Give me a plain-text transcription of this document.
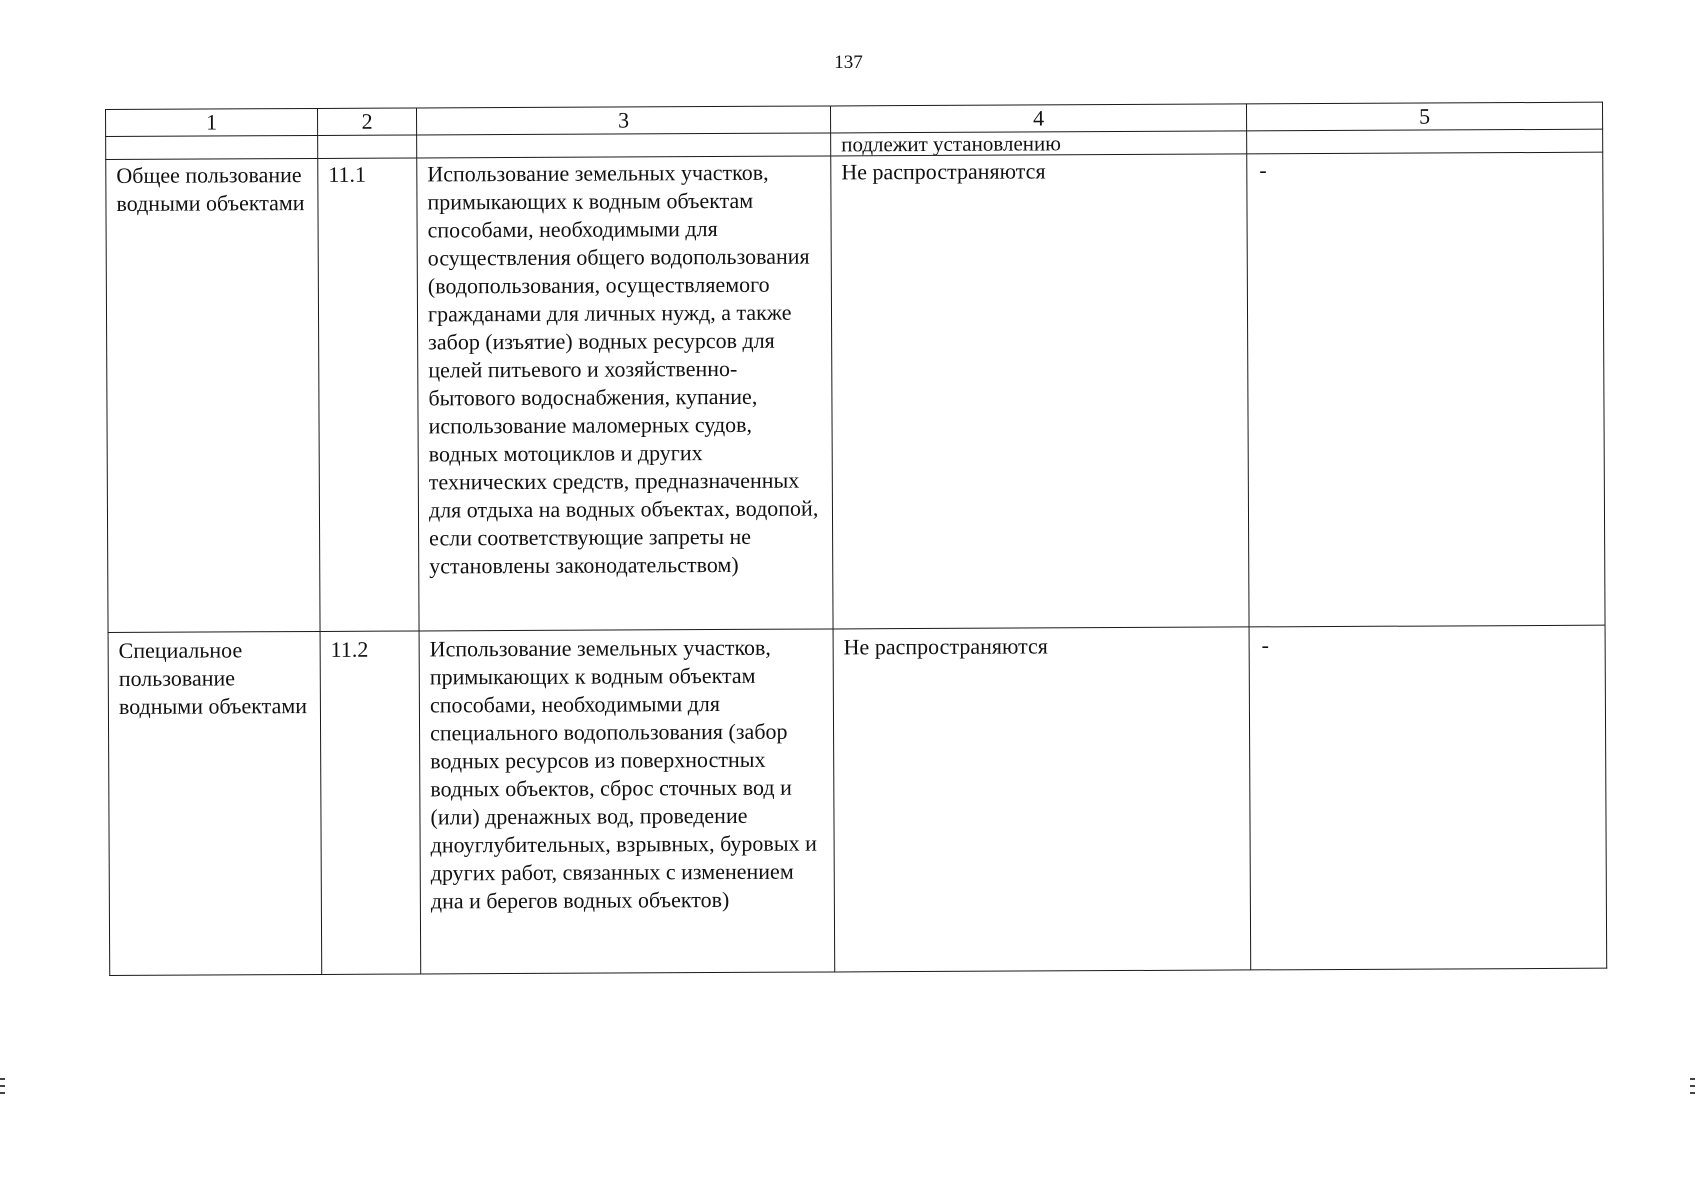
137
1	2	3	4	5
			подлежит установлению	
Общее пользование водными объектами	11.1	Использование земельных участков, примыкающих к водным объектам способами, необходимыми для осуществления общего водопользования (водопользования, осуществляемого гражданами для личных нужд, а также забор (изъятие) водных ресурсов для целей питьевого и хозяйственно-бытового водоснабжения, купание, использование маломерных судов, водных мотоциклов и других технических средств, предназначенных для отдыха на водных объектах, водопой, если соответствующие запреты не установлены законодательством)	Не распространяются	-
Специальное пользование водными объектами	11.2	Использование земельных участков, примыкающих к водным объектам способами, необходимыми для специального водопользования (забор водных ресурсов из поверхностных водных объектов, сброс сточных вод и (или) дренажных вод, проведение дноуглубительных, взрывных, буровых и других работ, связанных с изменением дна и берегов водных объектов)	Не распространяются	-
